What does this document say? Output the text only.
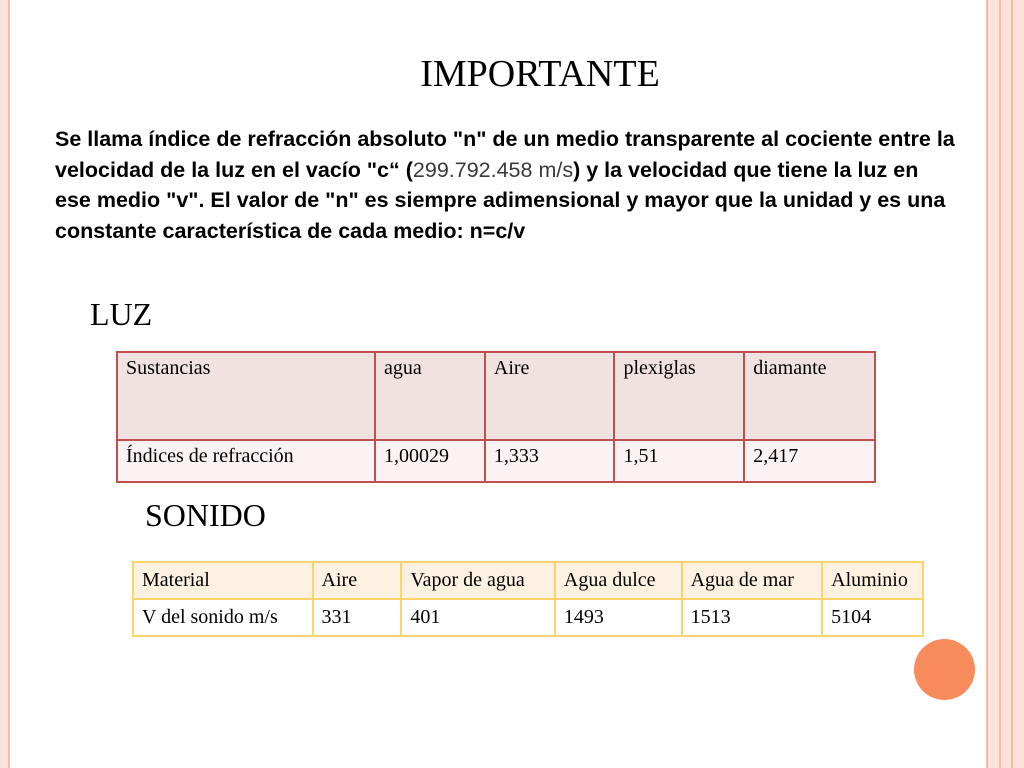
IMPORTANTE
Se llama índice de refracción absoluto "n" de un medio transparente al cociente entre la velocidad de la luz en el vacío "c“ (299.792.458 m/s) y la velocidad que tiene la luz en ese medio "v". El valor de "n" es siempre adimensional y mayor que la unidad y es una constante característica de cada medio: n=c/v
LUZ
Sustancias	agua	Aire	plexiglas	diamante
Índices de refracción	1,00029	1,333	1,51	2,417
SONIDO
Material	Aire	Vapor de agua	Agua dulce	Agua de mar	Aluminio
V del sonido m/s	331	401	1493	1513	5104
